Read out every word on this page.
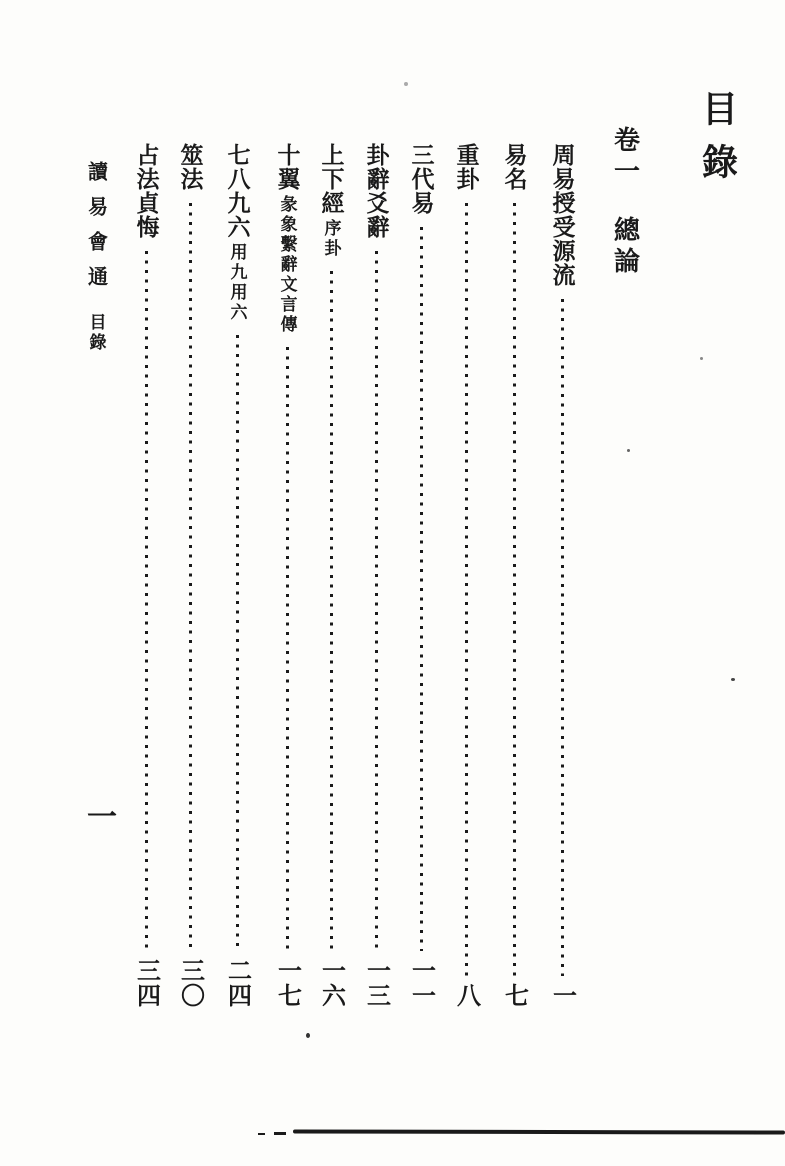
目錄
卷一
總論
周易授受源流
一
易名
七
重卦
八
三代易
一一
卦辭爻辭
一三
上下經
序卦
一六
十翼
彖象繫辭文言傳
一七
七八九六
用九用六
二四
筮法
三〇
占法貞悔
三四
讀易會通
目錄
一
